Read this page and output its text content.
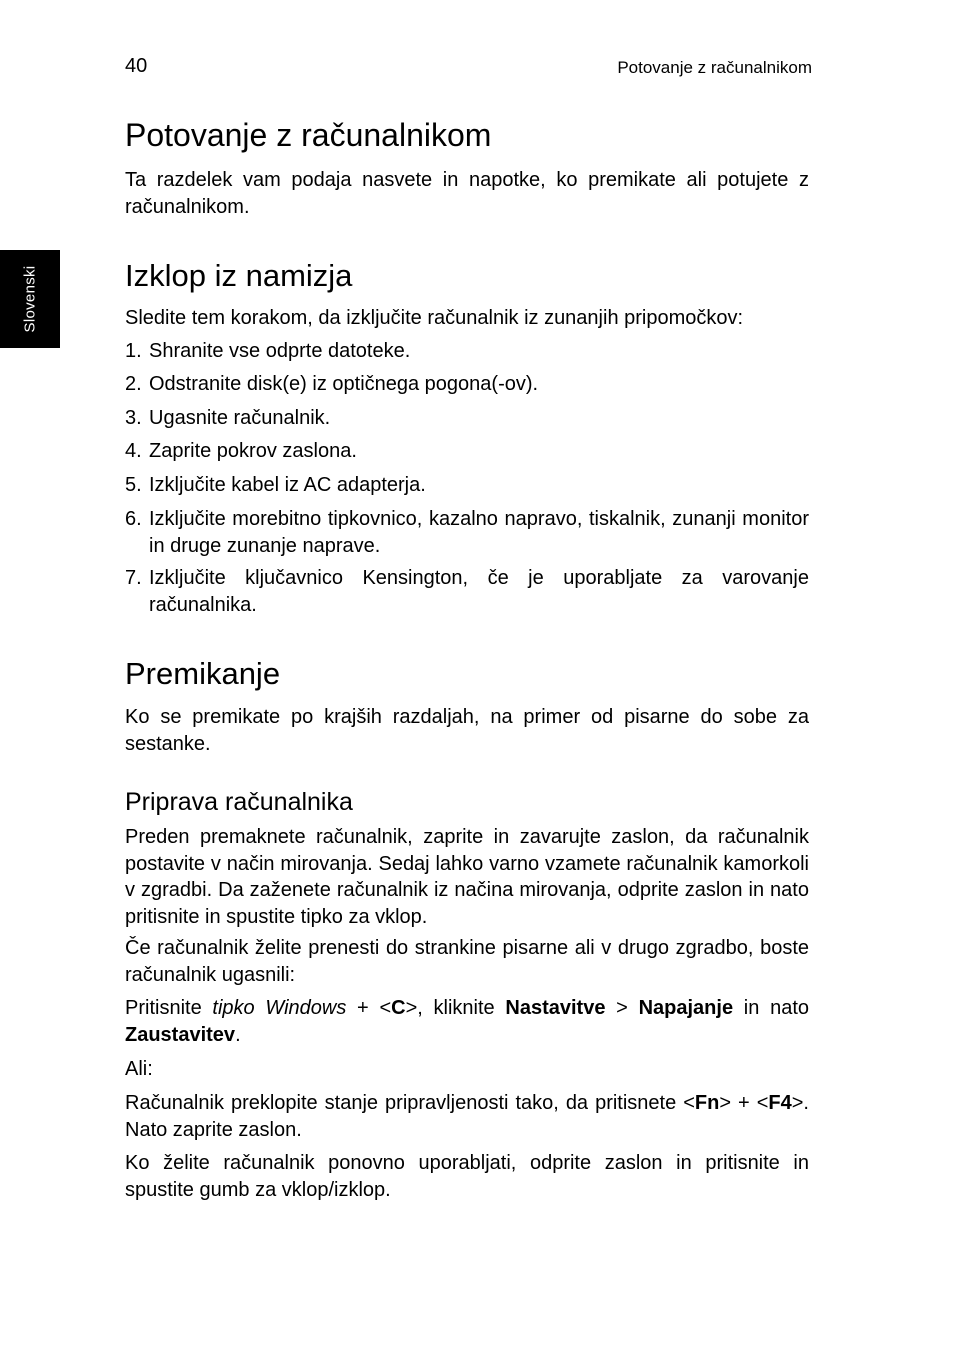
40	Potovanje z računalnikom
Slovenski
Potovanje z računalnikom

Ta razdelek vam podaja nasvete in napotke, ko premikate ali potujete z računalnikom.

Izklop iz namizja

Sledite tem korakom, da izključite računalnik iz zunanjih pripomočkov:

1. Shranite vse odprte datoteke.
2. Odstranite disk(e) iz optičnega pogona(-ov).
3. Ugasnite računalnik.
4. Zaprite pokrov zaslona.
5. Izključite kabel iz AC adapterja.
6. Izključite morebitno tipkovnico, kazalno napravo, tiskalnik, zunanji monitor in druge zunanje naprave.
7. Izključite ključavnico Kensington, če je uporabljate za varovanje računalnika.
Premikanje

Ko se premikate po krajših razdaljah, na primer od pisarne do sobe za sestanke.

Priprava računalnika

Preden premaknete računalnik, zaprite in zavarujte zaslon, da računalnik postavite v način mirovanja. Sedaj lahko varno vzamete računalnik kamorkoli v zgradbi. Da zaženete računalnik iz načina mirovanja, odprite zaslon in nato pritisnite in spustite tipko za vklop.

Če računalnik želite prenesti do strankine pisarne ali v drugo zgradbo, boste računalnik ugasnili:

Pritisnite tipko Windows + <C>, kliknite Nastavitve > Napajanje in nato Zaustavitev.

Ali:

Računalnik preklopite stanje pripravljenosti tako, da pritisnete <Fn> + <F4>. Nato zaprite zaslon.

Ko želite računalnik ponovno uporabljati, odprite zaslon in pritisnite in spustite gumb za vklop/izklop.
